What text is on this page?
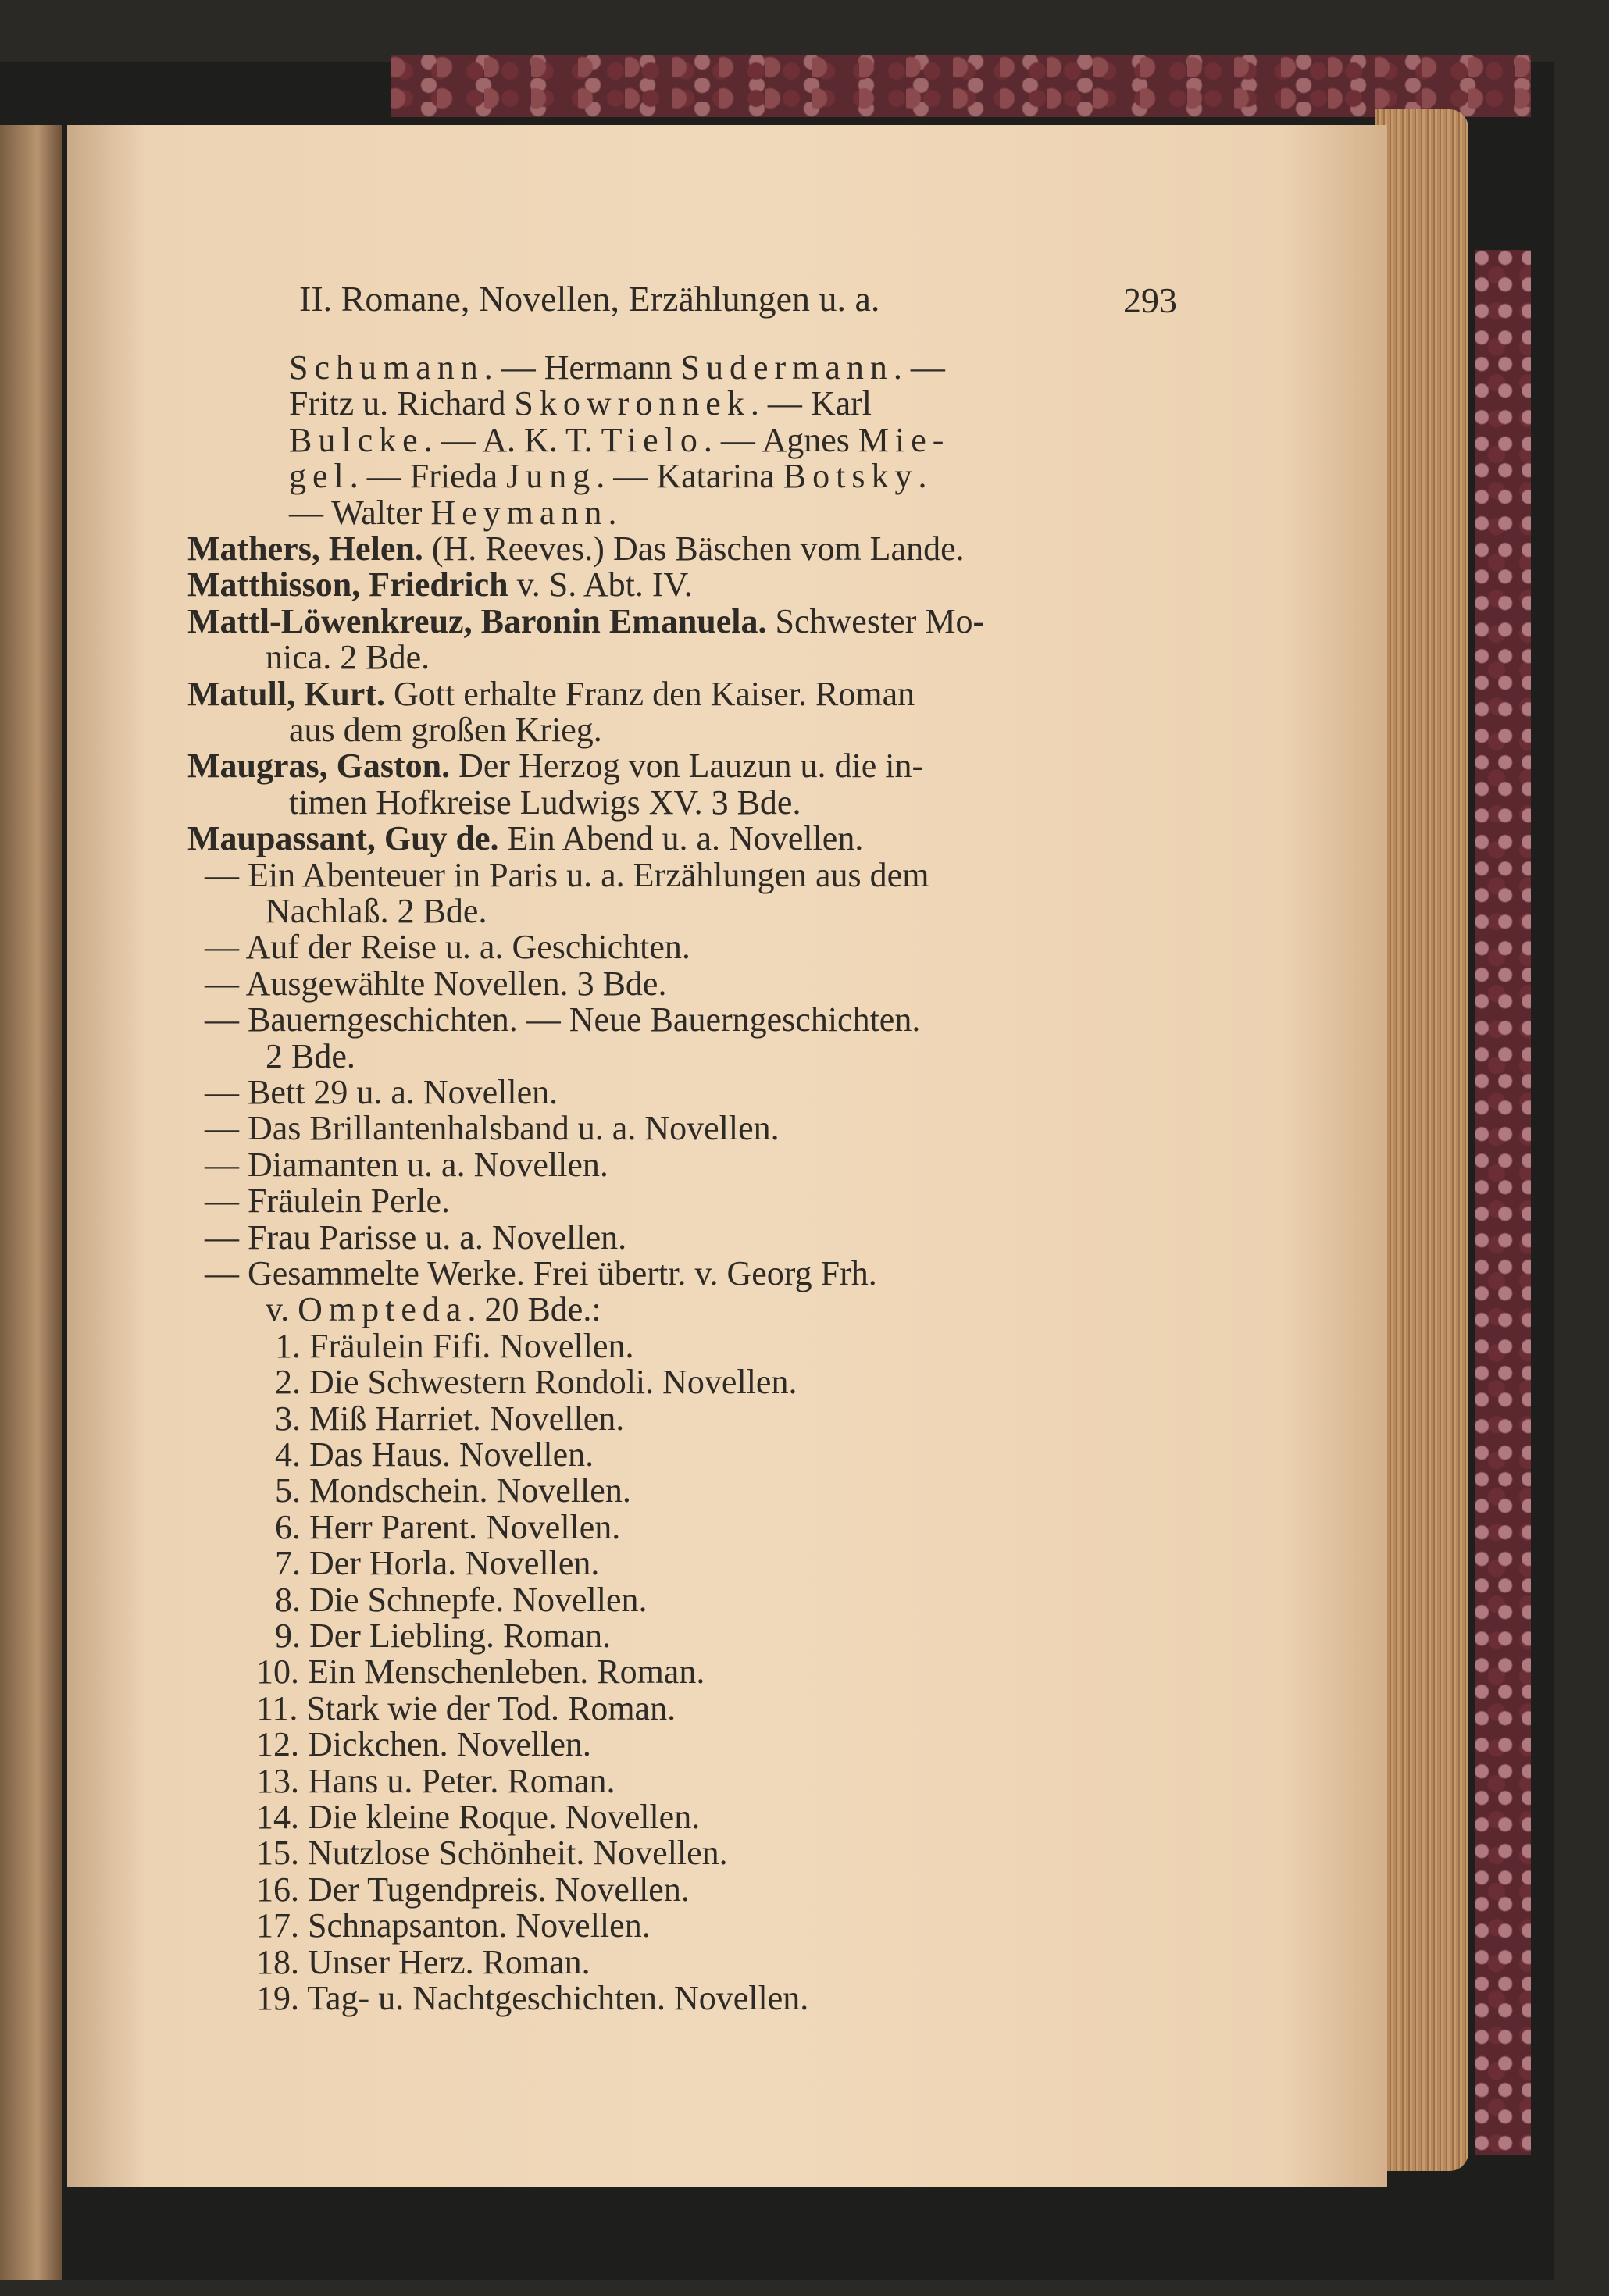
II. Romane, Novellen, Erzählungen u. a.	293
Schumann. — Hermann Sudermann. —
Fritz u. Richard Skowronnek. — Karl
Bulcke. — A. K. T. Tielo. — Agnes Mie-
gel. — Frieda Jung. — Katarina Botsky.
— Walter Heymann.
Mathers, Helen. (H. Reeves.) Das Bäschen vom Lande.
Matthisson, Friedrich v. S. Abt. IV.
Mattl-Löwenkreuz, Baronin Emanuela. Schwester Mo-
nica. 2 Bde.
Matull, Kurt. Gott erhalte Franz den Kaiser. Roman
aus dem großen Krieg.
Maugras, Gaston. Der Herzog von Lauzun u. die in-
timen Hofkreise Ludwigs XV. 3 Bde.
Maupassant, Guy de. Ein Abend u. a. Novellen.
— Ein Abenteuer in Paris u. a. Erzählungen aus dem
Nachlaß. 2 Bde.
— Auf der Reise u. a. Geschichten.
— Ausgewählte Novellen. 3 Bde.
— Bauerngeschichten. — Neue Bauerngeschichten.
2 Bde.
— Bett 29 u. a. Novellen.
— Das Brillantenhalsband u. a. Novellen.
— Diamanten u. a. Novellen.
— Fräulein Perle.
— Frau Parisse u. a. Novellen.
— Gesammelte Werke. Frei übertr. v. Georg Frh.
v. Ompteda. 20 Bde.:
1. Fräulein Fifi. Novellen.
2. Die Schwestern Rondoli. Novellen.
3. Miß Harriet. Novellen.
4. Das Haus. Novellen.
5. Mondschein. Novellen.
6. Herr Parent. Novellen.
7. Der Horla. Novellen.
8. Die Schnepfe. Novellen.
9. Der Liebling. Roman.
10. Ein Menschenleben. Roman.
11. Stark wie der Tod. Roman.
12. Dickchen. Novellen.
13. Hans u. Peter. Roman.
14. Die kleine Roque. Novellen.
15. Nutzlose Schönheit. Novellen.
16. Der Tugendpreis. Novellen.
17. Schnapsanton. Novellen.
18. Unser Herz. Roman.
19. Tag- u. Nachtgeschichten. Novellen.
